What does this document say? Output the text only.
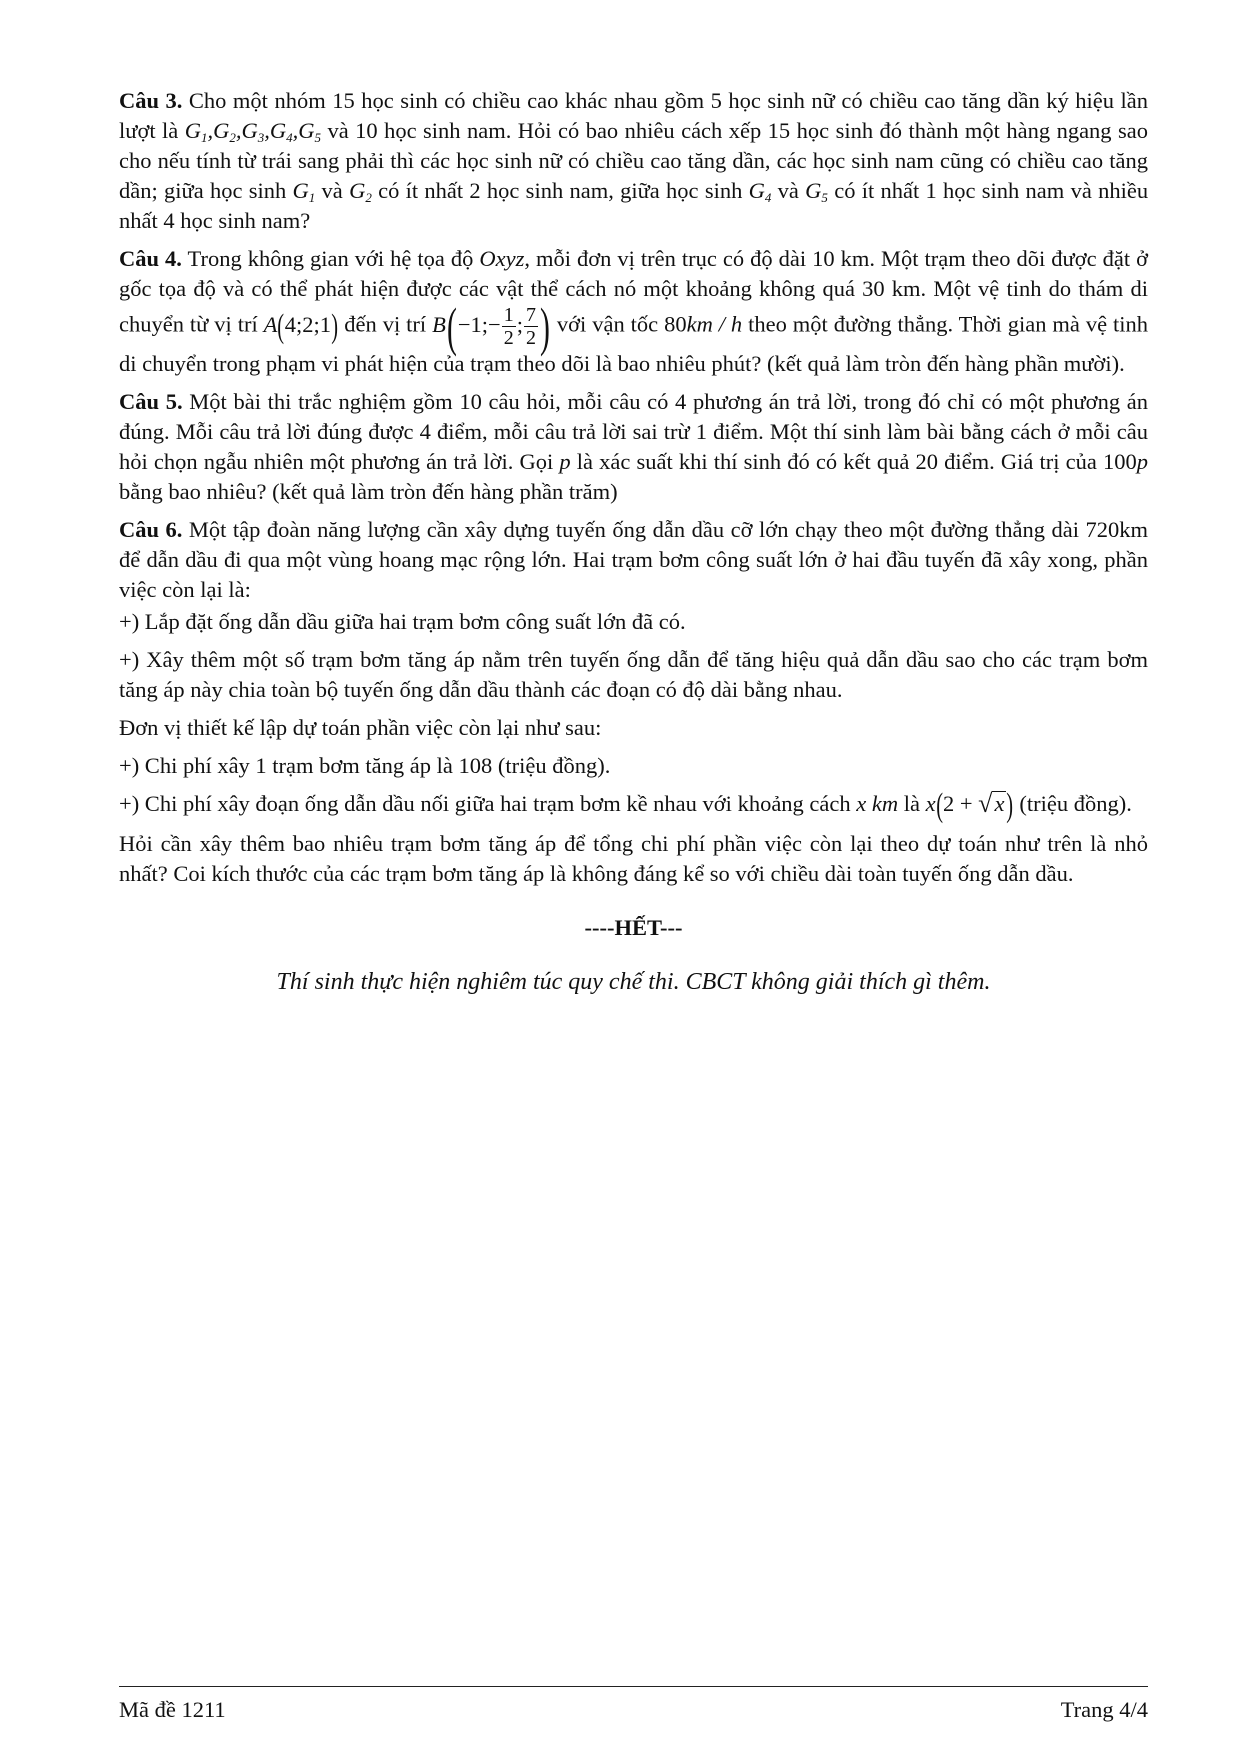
Câu 3. Cho một nhóm 15 học sinh có chiều cao khác nhau gồm 5 học sinh nữ có chiều cao tăng dần ký hiệu lần lượt là $G_1,G_2,G_3,G_4,G_5$ và 10 học sinh nam. Hỏi có bao nhiêu cách xếp 15 học sinh đó thành một hàng ngang sao cho nếu tính từ trái sang phải thì các học sinh nữ có chiều cao tăng dần, các học sinh nam cũng có chiều cao tăng dần; giữa học $\sinh G_1$ và $G_2$ có ít nhất 2 học sinh nam, giữa học $\sinh G_4$ và $G_5$ có ít nhất 1 học sinh nam và nhiều nhất 4 học sinh nam?

Câu 4. Trong không gian với hệ tọa độ Oxyz, mỗi đơn vị trên trục có độ dài 10 km. Một trạm theo dõi được đặt ở gốc tọa độ và có thể phát hiện được các vật thể cách nó một khoảng không quá 30 km. Một vệ tinh do thám di chuyển từ vị trí A(4;2;1) đến vị trí B(−1;− $\frac{1}{2}$ ; $\frac{7}{2}$ ) với vận tốc 80km / h theo một đường thẳng. Thời gian mà vệ tinh di chuyển trong phạm vi phát hiện của trạm theo dõi là bao nhiêu phút? (kết quả làm tròn đến hàng phần mười).

Câu 5. Một bài thi trắc nghiệm gồm 10 câu hỏi, mỗi câu có 4 phương án trả lời, trong đó chỉ có một phương án đúng. Mỗi câu trả lời đúng được 4 điểm, mỗi câu trả lời sai trừ 1 điểm. Một thí sinh làm bài bằng cách ở mỗi câu hỏi chọn ngẫu nhiên một phương án trả lời. Gọi p là xác suất khi thí sinh đó có kết quả 20 điểm. Giá trị của 100p bằng bao nhiêu? (kết quả làm tròn đến hàng phần trăm)

Câu 6. Một tập đoàn năng lượng cần xây dựng tuyến ống dẫn dầu cỡ lớn chạy theo một đường thẳng dài 720km để dẫn dầu đi qua một vùng hoang mạc rộng lớn. Hai trạm bơm công suất lớn ở hai đầu tuyến đã xây xong, phần việc còn lại là:

+) Lắp đặt ống dẫn dầu giữa hai trạm bơm công suất lớn đã có.

+) Xây thêm một số trạm bơm tăng áp nằm trên tuyến ống dẫn để tăng hiệu quả dẫn dầu sao cho các trạm bơm tăng áp này chia toàn bộ tuyến ống dẫn dầu thành các đoạn có độ dài bằng nhau.

Đơn vị thiết kế lập dự toán phần việc còn lại như sau:

+) Chi phí xây 1 trạm bơm tăng áp là 108 (triệu đồng).

+) Chi phí xây đoạn ống dẫn dầu nối giữa hai trạm bơm kề nhau với khoảng cách x km là x(2 + √x) (triệu đồng).

Hỏi cần xây thêm bao nhiêu trạm bơm tăng áp để tổng chi phí phần việc còn lại theo dự toán như trên là nhỏ nhất? Coi kích thước của các trạm bơm tăng áp là không đáng kể so với chiều dài toàn tuyến ống dẫn dầu.

----HẾT---

Thí sinh thực hiện nghiêm túc quy chế thi. CBCT không giải thích gì thêm.

Mã đề 1211	Trang 4/4
